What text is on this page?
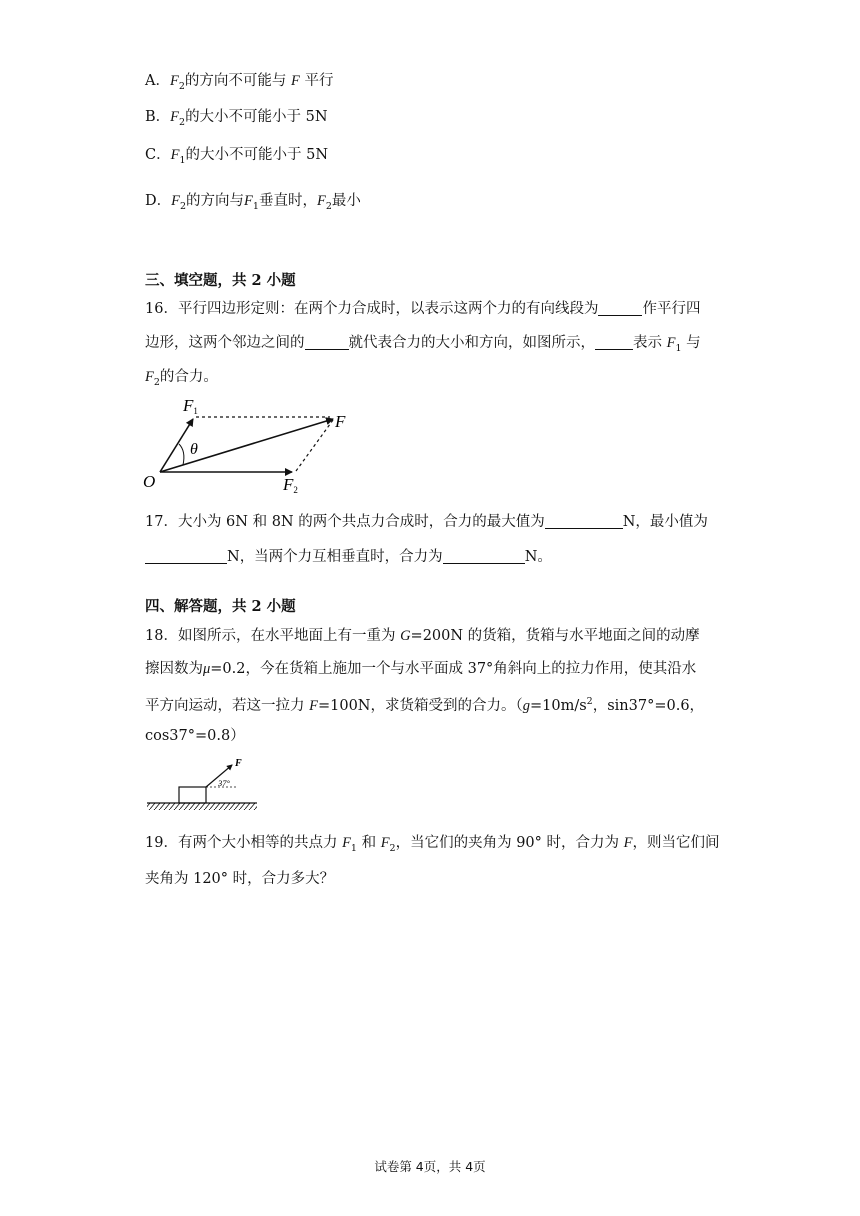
A．$F_2$的方向不可能与 F 平行
B．$F_2$的大小不可能小于 5N
C．$F_1$的大小不可能小于 5N
D．$F_2$的方向与$F_1$垂直时，$F_2$最小
三、填空题，共 2 小题
16．平行四边形定则：在两个力合成时，以表示这两个力的有向线段为	作平行四
边形，这两个邻边之间的	就代表合力的大小和方向，如图所示，	表示 $F_1$ 与
$F_2$的合力。
F1
F
θ
O	F2
17．大小为 6N 和 8N 的两个共点力合成时，合力的最大值为	N，最小值为
N，当两个力互相垂直时，合力为	N。
四、解答题，共 2 小题
18．如图所示，在水平地面上有一重为 G=200N 的货箱，货箱与水平地面之间的动摩
擦因数为μ=0.2，今在货箱上施加一个与水平面成 37°角斜向上的拉力作用，使其沿水
平方向运动，若这一拉力 F=100N，求货箱受到的合力。（$g=10m/s^2$，sin37°=0.6，
cos37°=0.8）
F
37°
19．有两个大小相等的共点力 $F_1$ 和 $F_2$，当它们的夹角为 90° 时，合力为 F，则当它们间
夹角为 120° 时，合力多大？
试卷第 4页，共 4页
